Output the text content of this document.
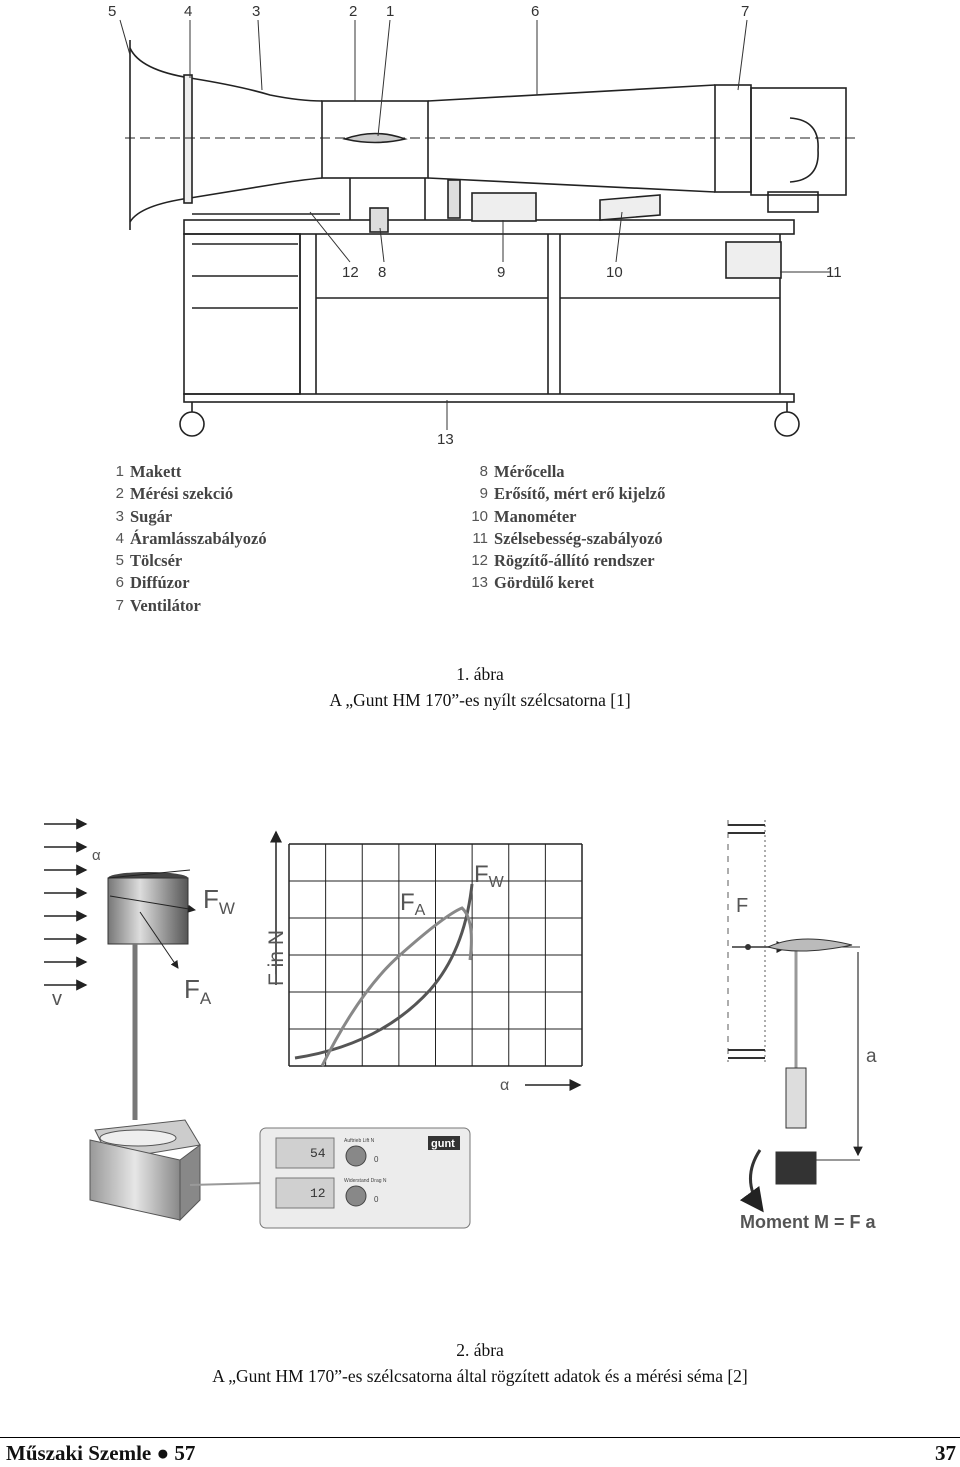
5	4	3	2 1	6	7
12 8	9	10	11
13
1 Makett
2 Mérési szekció
3 Sugár
4 Áramlásszabályozó
5 Tölcsér
6 Diffúzor
7 Ventilátor
8 Mérőcella
9 Erősítő, mért erő kijelző
10 Manométer
11 Szélsebesség-szabályozó
12 Rögzítő-állító rendszer
13 Gördülő keret
1. ábra
A „Gunt HM 170”-es nyílt szélcsatorna [1]
α
$F_W$
$F_A$
v
F in N
$F_A$
$F_W$
α
54
12
Auftrieb Lift N
Widerstand Drag N
0
0
gunt
F
a
Moment M = F a
2. ábra
A „Gunt HM 170”-es szélcsatorna által rögzített adatok és a mérési séma [2]
Műszaki Szemle ● 57	37
